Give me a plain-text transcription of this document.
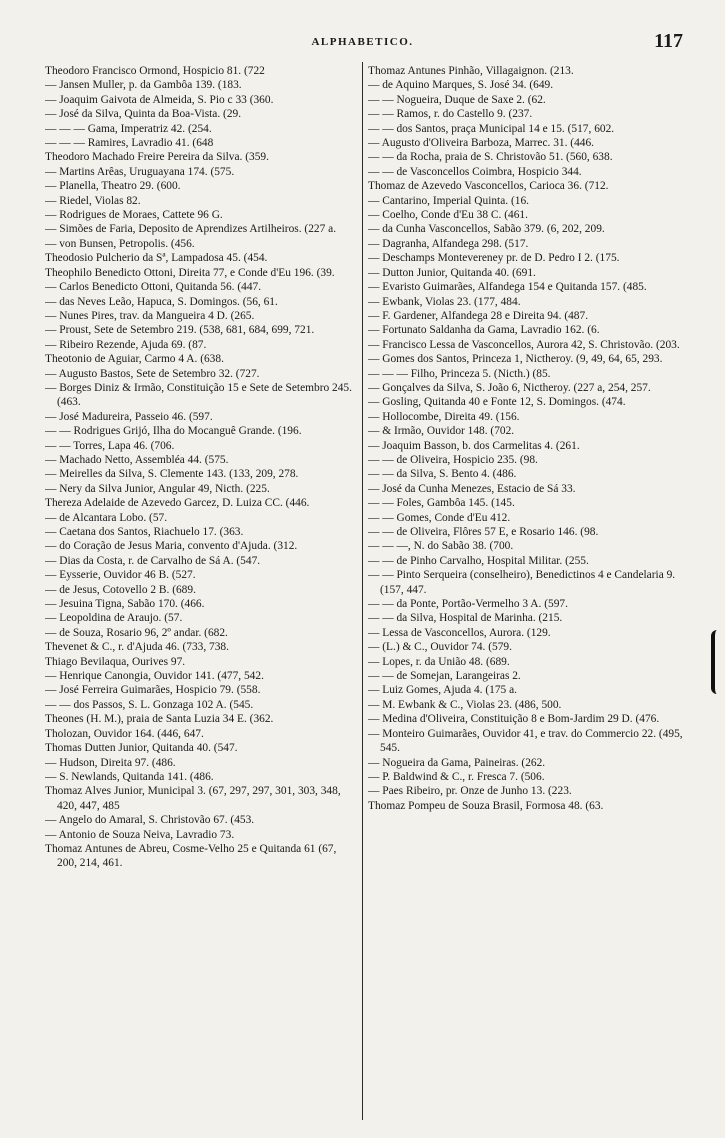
ALPHABETICO.	117

Theodoro Francisco Ormond, Hospicio 81. (722

— Jansen Muller, p. da Gambôa 139. (183.

— Joaquim Gaivota de Almeida, S. Pio c 33 (360.

— José da Silva, Quinta da Boa-Vista. (29.

— — — Gama, Imperatriz 42. (254.

— — — Ramires, Lavradio 41. (648

Theodoro Machado Freire Pereira da Silva. (359.

— Martins Arêas, Uruguayana 174. (575.

— Planella, Theatro 29. (600.

— Riedel, Violas 82.

— Rodrigues de Moraes, Cattete 96 G.

— Simões de Faria, Deposito de Aprendizes Artilheiros. (227 a.

— von Bunsen, Petropolis. (456.

Theodosio Pulcherio da Sª, Lampadosa 45. (454.

Theophilo Benedicto Ottoni, Direita 77, e Conde d'Eu 196. (39.

— Carlos Benedicto Ottoni, Quitanda 56. (447.

— das Neves Leão, Hapuca, S. Domingos. (56, 61.

— Nunes Pires, trav. da Mangueira 4 D. (265.

— Proust, Sete de Setembro 219. (538, 681, 684, 699, 721.

— Ribeiro Rezende, Ajuda 69. (87.

Theotonio de Aguiar, Carmo 4 A. (638.

— Augusto Bastos, Sete de Setembro 32. (727.

— Borges Diniz & Irmão, Constituição 15 e Sete de Setembro 245. (463.

— José Madureira, Passeio 46. (597.

— — Rodrigues Grijó, Ilha do Mocanguê Grande. (196.

— — Torres, Lapa 46. (706.

— Machado Netto, Assembléa 44. (575.

— Meirelles da Silva, S. Clemente 143. (133, 209, 278.

— Nery da Silva Junior, Angular 49, Nicth. (225.

Thereza Adelaide de Azevedo Garcez, D. Luiza CC. (446.

— de Alcantara Lobo. (57.

— Caetana dos Santos, Riachuelo 17. (363.

— do Coração de Jesus Maria, convento d'Ajuda. (312.

— Dias da Costa, r. de Carvalho de Sá A. (547.

— Eysserie, Ouvidor 46 B. (527.

— de Jesus, Cotovello 2 B. (689.

— Jesuina Tigna, Sabão 170. (466.

— Leopoldina de Araujo. (57.

— de Souza, Rosario 96, 2º andar. (682.

Thevenet & C., r. d'Ajuda 46. (733, 738.

Thiago Bevilaqua, Ourives 97.

— Henrique Canongia, Ouvidor 141. (477, 542.

— José Ferreira Guimarães, Hospicio 79. (558.

— — dos Passos, S. L. Gonzaga 102 A. (545.

Theones (H. M.), praia de Santa Luzia 34 E. (362.

Tholozan, Ouvidor 164. (446, 647.

Thomas Dutten Junior, Quitanda 40. (547.

— Hudson, Direita 97. (486.

— S. Newlands, Quitanda 141. (486.

Thomaz Alves Junior, Municipal 3. (67, 297, 297, 301, 303, 348, 420, 447, 485

— Angelo do Amaral, S. Christovão 67. (453.

— Antonio de Souza Neiva, Lavradio 73.

Thomaz Antunes de Abreu, Cosme-Velho 25 e Quitanda 61 (67, 200, 214, 461.

Thomaz Antunes Pinhão, Villagaignon. (213.

— de Aquino Marques, S. José 34. (649.

— — Nogueira, Duque de Saxe 2. (62.

— — Ramos, r. do Castello 9. (237.

— — dos Santos, praça Municipal 14 e 15. (517, 602.

— Augusto d'Oliveira Barboza, Marrec. 31. (446.

— — da Rocha, praia de S. Christovão 51. (560, 638.

— — de Vasconcellos Coimbra, Hospicio 344.

Thomaz de Azevedo Vasconcellos, Carioca 36. (712.

— Cantarino, Imperial Quinta. (16.

— Coelho, Conde d'Eu 38 C. (461.

— da Cunha Vasconcellos, Sabão 379. (6, 202, 209.

— Dagranha, Alfandega 298. (517.

— Deschamps Montevereney pr. de D. Pedro I 2. (175.

— Dutton Junior, Quitanda 40. (691.

— Evaristo Guimarães, Alfandega 154 e Quitanda 157. (485.

— Ewbank, Violas 23. (177, 484.

— F. Gardener, Alfandega 28 e Direita 94. (487.

— Fortunato Saldanha da Gama, Lavradio 162. (6.

— Francisco Lessa de Vasconcellos, Aurora 42, S. Christovão. (203.

— Gomes dos Santos, Princeza 1, Nictheroy. (9, 49, 64, 65, 293.

— — — Filho, Princeza 5. (Nicth.) (85.

— Gonçalves da Silva, S. João 6, Nictheroy. (227 a, 254, 257.

— Gosling, Quitanda 40 e Fonte 12, S. Domingos. (474.

— Hollocombe, Direita 49. (156.

— & Irmão, Ouvidor 148. (702.

— Joaquim Basson, b. dos Carmelitas 4. (261.

— — de Oliveira, Hospicio 235. (98.

— — da Silva, S. Bento 4. (486.

— José da Cunha Menezes, Estacio de Sá 33.

— — Foles, Gambôa 145. (145.

— — Gomes, Conde d'Eu 412.

— — de Oliveira, Flôres 57 E, e Rosario 146. (98.

— — —, N. do Sabão 38. (700.

— — de Pinho Carvalho, Hospital Militar. (255.

— — Pinto Serqueira (conselheiro), Benedictinos 4 e Candelaria 9. (157, 447.

— — da Ponte, Portão-Vermelho 3 A. (597.

— — da Silva, Hospital de Marinha. (215.

— Lessa de Vasconcellos, Aurora. (129.

— (L.) & C., Ouvidor 74. (579.

— Lopes, r. da União 48. (689.

— — de Somejan, Larangeiras 2.

— Luiz Gomes, Ajuda 4. (175 a.

— M. Ewbank & C., Violas 23. (486, 500.

— Medina d'Oliveira, Constituição 8 e Bom-Jardim 29 D. (476.

— Monteiro Guimarães, Ouvidor 41, e trav. do Commercio 22. (495, 545.

— Nogueira da Gama, Paineiras. (262.

— P. Baldwind & C., r. Fresca 7. (506.

— Paes Ribeiro, pr. Onze de Junho 13. (223.

Thomaz Pompeu de Souza Brasil, Formosa 48. (63.
